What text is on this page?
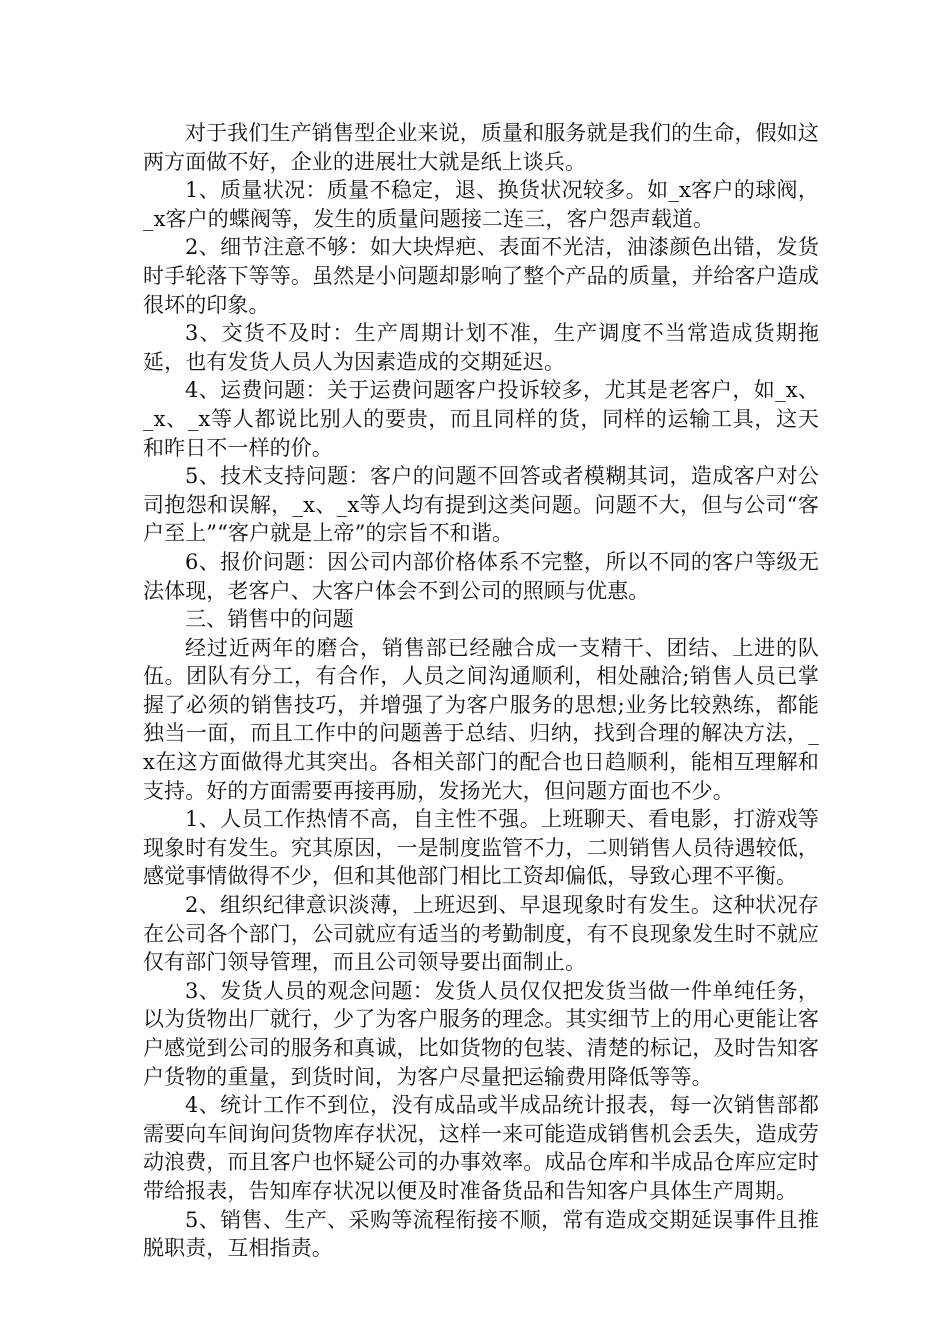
对于我们生产销售型企业来说，质量和服务就是我们的生命，假如这两方面做不好，企业的进展壮大就是纸上谈兵。

1、质量状况：质量不稳定，退、换货状况较多。如_x客户的球阀，_x客户的蝶阀等，发生的质量问题接二连三，客户怨声载道。

2、细节注意不够：如大块焊疤、表面不光洁，油漆颜色出错，发货时手轮落下等等。虽然是小问题却影响了整个产品的质量，并给客户造成很坏的印象。

3、交货不及时：生产周期计划不准，生产调度不当常造成货期拖延，也有发货人员人为因素造成的交期延迟。

4、运费问题：关于运费问题客户投诉较多，尤其是老客户，如_x、_x、_x等人都说比别人的要贵，而且同样的货，同样的运输工具，这天和昨日不一样的价。

5、技术支持问题：客户的问题不回答或者模糊其词，造成客户对公司抱怨和误解，_x、_x等人均有提到这类问题。问题不大，但与公司“客户至上”“客户就是上帝”的宗旨不和谐。

6、报价问题：因公司内部价格体系不完整，所以不同的客户等级无法体现，老客户、大客户体会不到公司的照顾与优惠。

三、销售中的问题

经过近两年的磨合，销售部已经融合成一支精干、团结、上进的队伍。团队有分工，有合作，人员之间沟通顺利，相处融洽;销售人员已掌握了必须的销售技巧，并增强了为客户服务的思想;业务比较熟练，都能独当一面，而且工作中的问题善于总结、归纳，找到合理的解决方法，_x在这方面做得尤其突出。各相关部门的配合也日趋顺利，能相互理解和支持。好的方面需要再接再励，发扬光大，但问题方面也不少。

1、人员工作热情不高，自主性不强。上班聊天、看电影，打游戏等现象时有发生。究其原因，一是制度监管不力，二则销售人员待遇较低，感觉事情做得不少，但和其他部门相比工资却偏低，导致心理不平衡。

2、组织纪律意识淡薄，上班迟到、早退现象时有发生。这种状况存在公司各个部门，公司就应有适当的考勤制度，有不良现象发生时不就应仅有部门领导管理，而且公司领导要出面制止。

3、发货人员的观念问题：发货人员仅仅把发货当做一件单纯任务，以为货物出厂就行，少了为客户服务的理念。其实细节上的用心更能让客户感觉到公司的服务和真诚，比如货物的包装、清楚的标记，及时告知客户货物的重量，到货时间，为客户尽量把运输费用降低等等。

4、统计工作不到位，没有成品或半成品统计报表，每一次销售部都需要向车间询问货物库存状况，这样一来可能造成销售机会丢失，造成劳动浪费，而且客户也怀疑公司的办事效率。成品仓库和半成品仓库应定时带给报表，告知库存状况以便及时准备货品和告知客户具体生产周期。

5、销售、生产、采购等流程衔接不顺，常有造成交期延误事件且推脱职责，互相指责。
